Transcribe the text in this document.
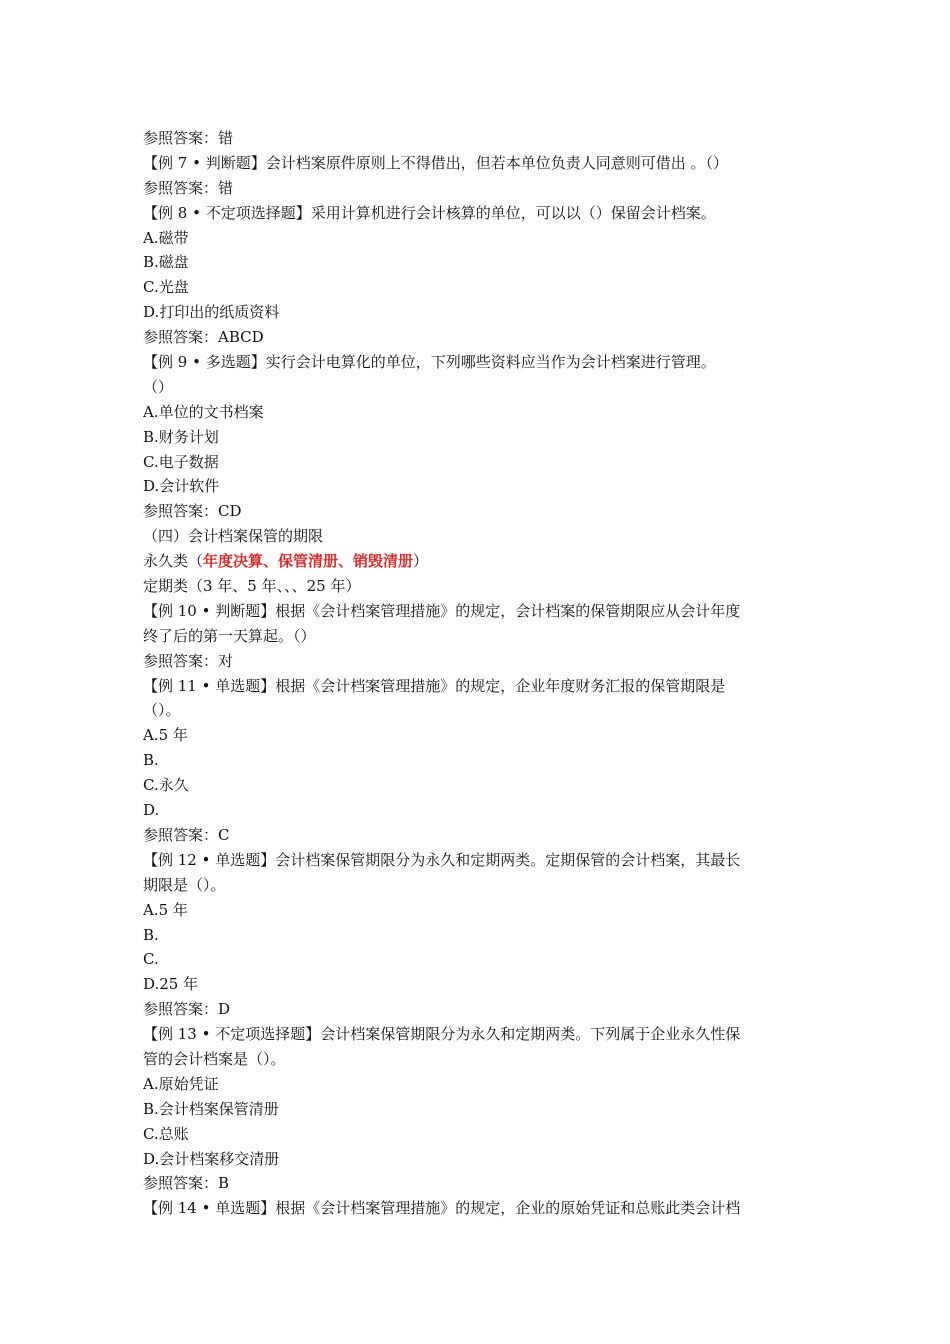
参照答案：错
【例 7 • 判断题】会计档案原件原则上不得借出，但若本单位负责人同意则可借出 。（）
参照答案：错
【例 8 • 不定项选择题】采用计算机进行会计核算的单位，可以以（）保留会计档案。
A.磁带
B.磁盘
C.光盘
D.打印出的纸质资料
参照答案：ABCD
【例 9 • 多选题】实行会计电算化的单位，下列哪些资料应当作为会计档案进行管理。
（）
A.单位的文书档案
B.财务计划
C.电子数据
D.会计软件
参照答案：CD
（四）会计档案保管的期限
永久类（年度决算、保管清册、销毁清册）
定期类（3 年、5 年、、、25 年）
【例 10 • 判断题】根据《会计档案管理措施》的规定，会计档案的保管期限应从会计年度
终了后的第一天算起。（）
参照答案：对
【例 11 • 单选题】根据《会计档案管理措施》的规定，企业年度财务汇报的保管期限是
（）。
A.5 年
B.
C.永久
D.
参照答案：C
【例 12 • 单选题】会计档案保管期限分为永久和定期两类。定期保管的会计档案，其最长
期限是（）。
A.5 年
B.
C.
D.25 年
参照答案：D
【例 13 • 不定项选择题】会计档案保管期限分为永久和定期两类。下列属于企业永久性保
管的会计档案是（）。
A.原始凭证
B.会计档案保管清册
C.总账
D.会计档案移交清册
参照答案：B
【例 14 • 单选题】根据《会计档案管理措施》的规定，企业的原始凭证和总账此类会计档
